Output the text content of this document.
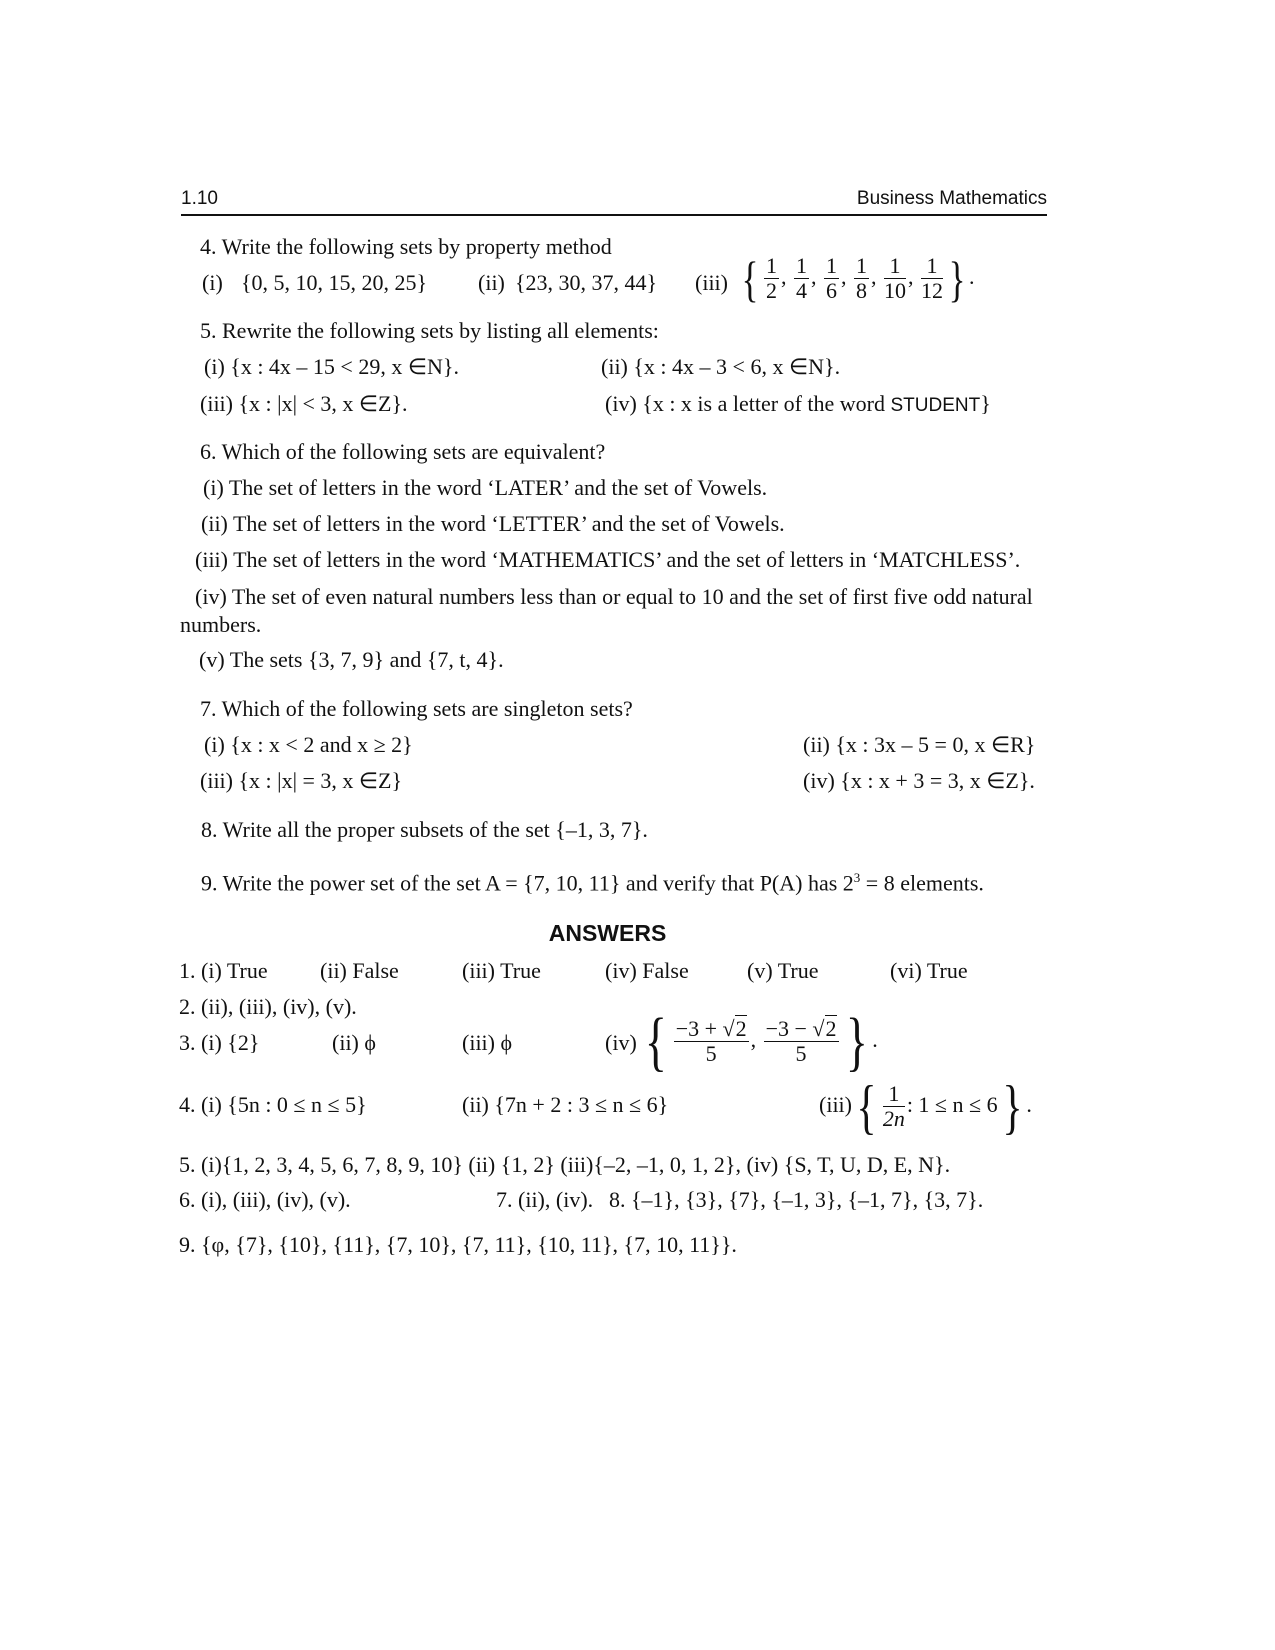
1.10	Business Mathematics
4. Write the following sets by property method
(i) {0, 5, 10, 15, 20, 25} (ii) {23, 30, 37, 44} (iii) { $\frac{1}{2}$ , $\frac{1}{4}$ , $\frac{1}{6}$ , $\frac{1}{8}$ , $\frac{1}{10}$ , $\frac{1}{12}$ } .
5. Rewrite the following sets by listing all elements:
(i) {x : 4x – 15 < 29, x ∈N}.	(ii) {x : 4x – 3 < 6, x ∈N}.
(iii) {x : |x| < 3, x ∈Z}.	(iv) {x : x is a letter of the word STUDENT}
6. Which of the following sets are equivalent?
(i) The set of letters in the word ‘LATER’ and the set of Vowels.
(ii) The set of letters in the word ‘LETTER’ and the set of Vowels.
(iii) The set of letters in the word ‘MATHEMATICS’ and the set of letters in ‘MATCHLESS’.
(iv) The set of even natural numbers less than or equal to 10 and the set of first five odd natural
numbers.
(v) The sets {3, 7, 9} and {7, t, 4}.
7. Which of the following sets are singleton sets?
(i) {x : x < 2 and x ≥ 2}	(ii) {x : 3x – 5 = 0, x ∈R}
(iii) {x : |x| = 3, x ∈Z}	(iv) {x : x + 3 = 3, x ∈Z}.
8. Write all the proper subsets of the set {–1, 3, 7}.
9. Write the power set of the set A = {7, 10, 11} and verify that P(A) has $2^3 = 8$ elements.
ANSWERS
1. (i) True (ii) False	(iii) True	(iv) False	(v) True	(vi) True
2. (ii), (iii), (iv), (v).
3. (i) {2}	(ii) ϕ	(iii) ϕ	(iv) { $\frac{-3 + √2}{5}$ , $\frac{-3 - √2}{5}$ } .
4. (i) {5n : 0 ≤ n ≤ 5}	(ii) {7n + 2 : 3 ≤ n ≤ 6}	(iii) { $\frac{1}{2n}$ : 1 ≤ n ≤ 6} .
5. (i){1, 2, 3, 4, 5, 6, 7, 8, 9, 10} (ii) {1, 2} (iii){–2, –1, 0, 1, 2}, (iv) {S, T, U, D, E, N}.
6. (i), (iii), (iv), (v).	7. (ii), (iv). 8. {–1}, {3}, {7}, {–1, 3}, {–1, 7}, {3, 7}.
9. {φ, {7}, {10}, {11}, {7, 10}, {7, 11}, {10, 11}, {7, 10, 11}}.
